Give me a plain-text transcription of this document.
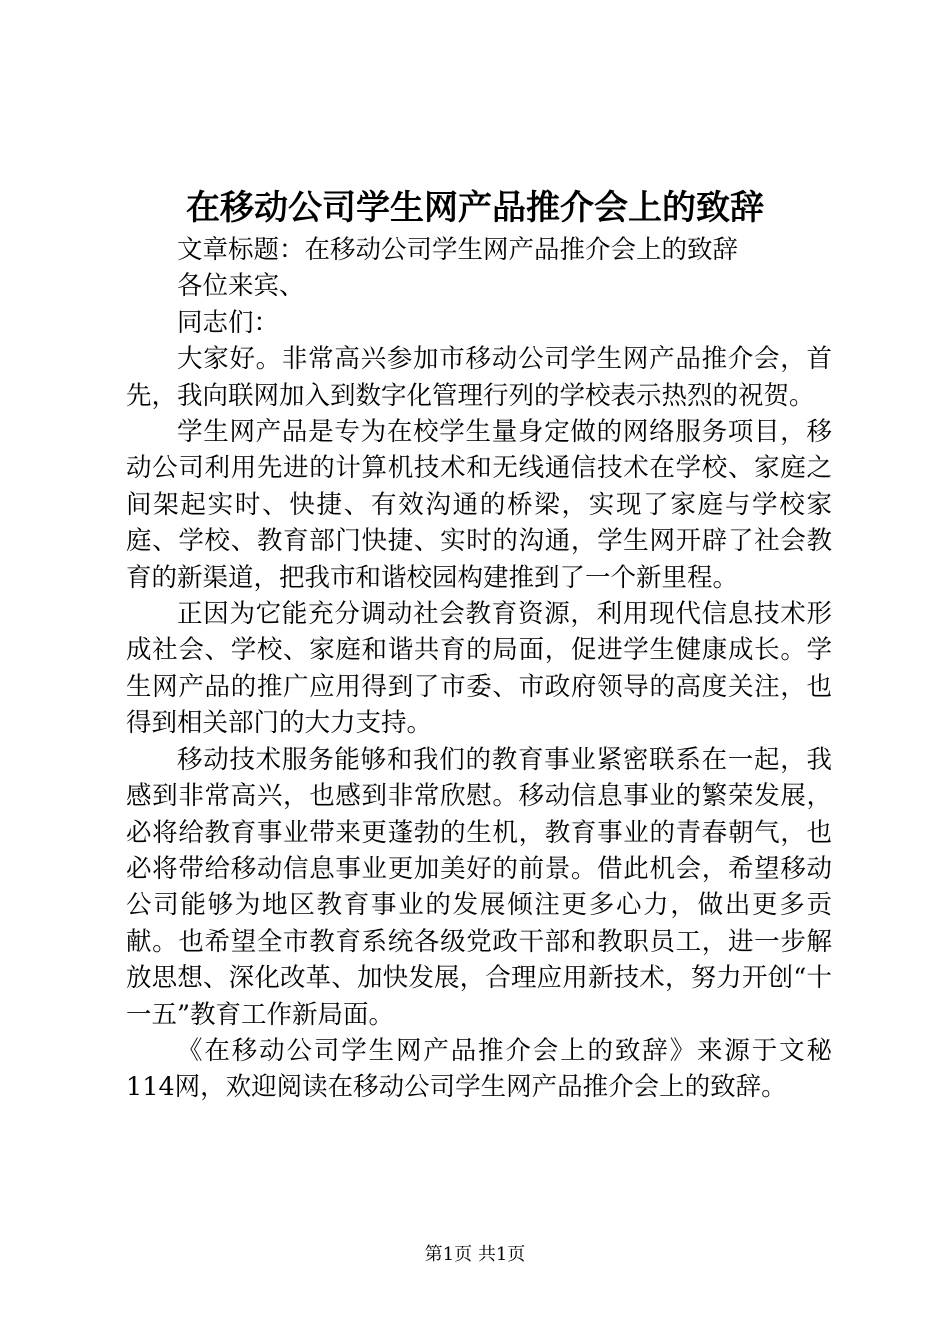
在移动公司学生网产品推介会上的致辞

文章标题：在移动公司学生网产品推介会上的致辞

各位来宾、

同志们：

大家好。非常高兴参加市移动公司学生网产品推介会，首先，我向联网加入到数字化管理行列的学校表示热烈的祝贺。

学生网产品是专为在校学生量身定做的网络服务项目，移动公司利用先进的计算机技术和无线通信技术在学校、家庭之间架起实时、快捷、有效沟通的桥梁，实现了家庭与学校家庭、学校、教育部门快捷、实时的沟通，学生网开辟了社会教育的新渠道，把我市和谐校园构建推到了一个新里程。

正因为它能充分调动社会教育资源，利用现代信息技术形成社会、学校、家庭和谐共育的局面，促进学生健康成长。学生网产品的推广应用得到了市委、市政府领导的高度关注，也得到相关部门的大力支持。

移动技术服务能够和我们的教育事业紧密联系在一起，我感到非常高兴，也感到非常欣慰。移动信息事业的繁荣发展，必将给教育事业带来更蓬勃的生机，教育事业的青春朝气，也必将带给移动信息事业更加美好的前景。借此机会，希望移动公司能够为地区教育事业的发展倾注更多心力，做出更多贡献。也希望全市教育系统各级党政干部和教职员工，进一步解放思想、深化改革、加快发展，合理应用新技术，努力开创“十一五”教育工作新局面。

《在移动公司学生网产品推介会上的致辞》来源于文秘114网，欢迎阅读在移动公司学生网产品推介会上的致辞。

第1页 共1页
